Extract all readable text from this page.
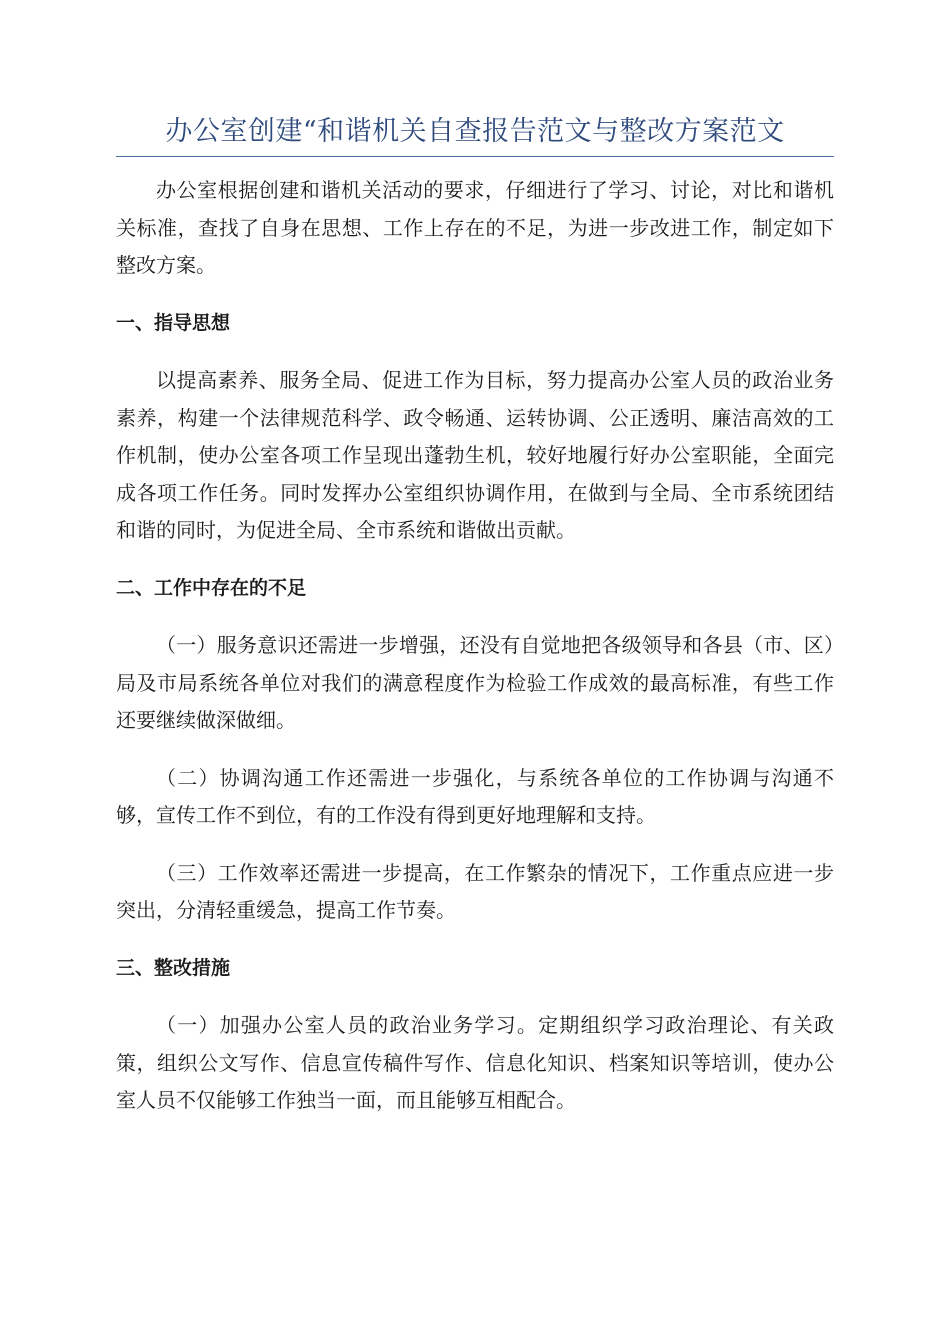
办公室创建“和谐机关自查报告范文与整改方案范文

办公室根据创建和谐机关活动的要求，仔细进行了学习、讨论，对比和谐机关标准，查找了自身在思想、工作上存在的不足，为进一步改进工作，制定如下整改方案。

一、指导思想

以提高素养、服务全局、促进工作为目标，努力提高办公室人员的政治业务素养，构建一个法律规范科学、政令畅通、运转协调、公正透明、廉洁高效的工作机制，使办公室各项工作呈现出蓬勃生机，较好地履行好办公室职能，全面完成各项工作任务。同时发挥办公室组织协调作用，在做到与全局、全市系统团结和谐的同时，为促进全局、全市系统和谐做出贡献。

二、工作中存在的不足

（一）服务意识还需进一步增强，还没有自觉地把各级领导和各县（市、区）局及市局系统各单位对我们的满意程度作为检验工作成效的最高标准，有些工作还要继续做深做细。

（二）协调沟通工作还需进一步强化，与系统各单位的工作协调与沟通不够，宣传工作不到位，有的工作没有得到更好地理解和支持。

（三）工作效率还需进一步提高，在工作繁杂的情况下，工作重点应进一步突出，分清轻重缓急，提高工作节奏。

三、整改措施

（一）加强办公室人员的政治业务学习。定期组织学习政治理论、有关政策，组织公文写作、信息宣传稿件写作、信息化知识、档案知识等培训，使办公室人员不仅能够工作独当一面，而且能够互相配合。
